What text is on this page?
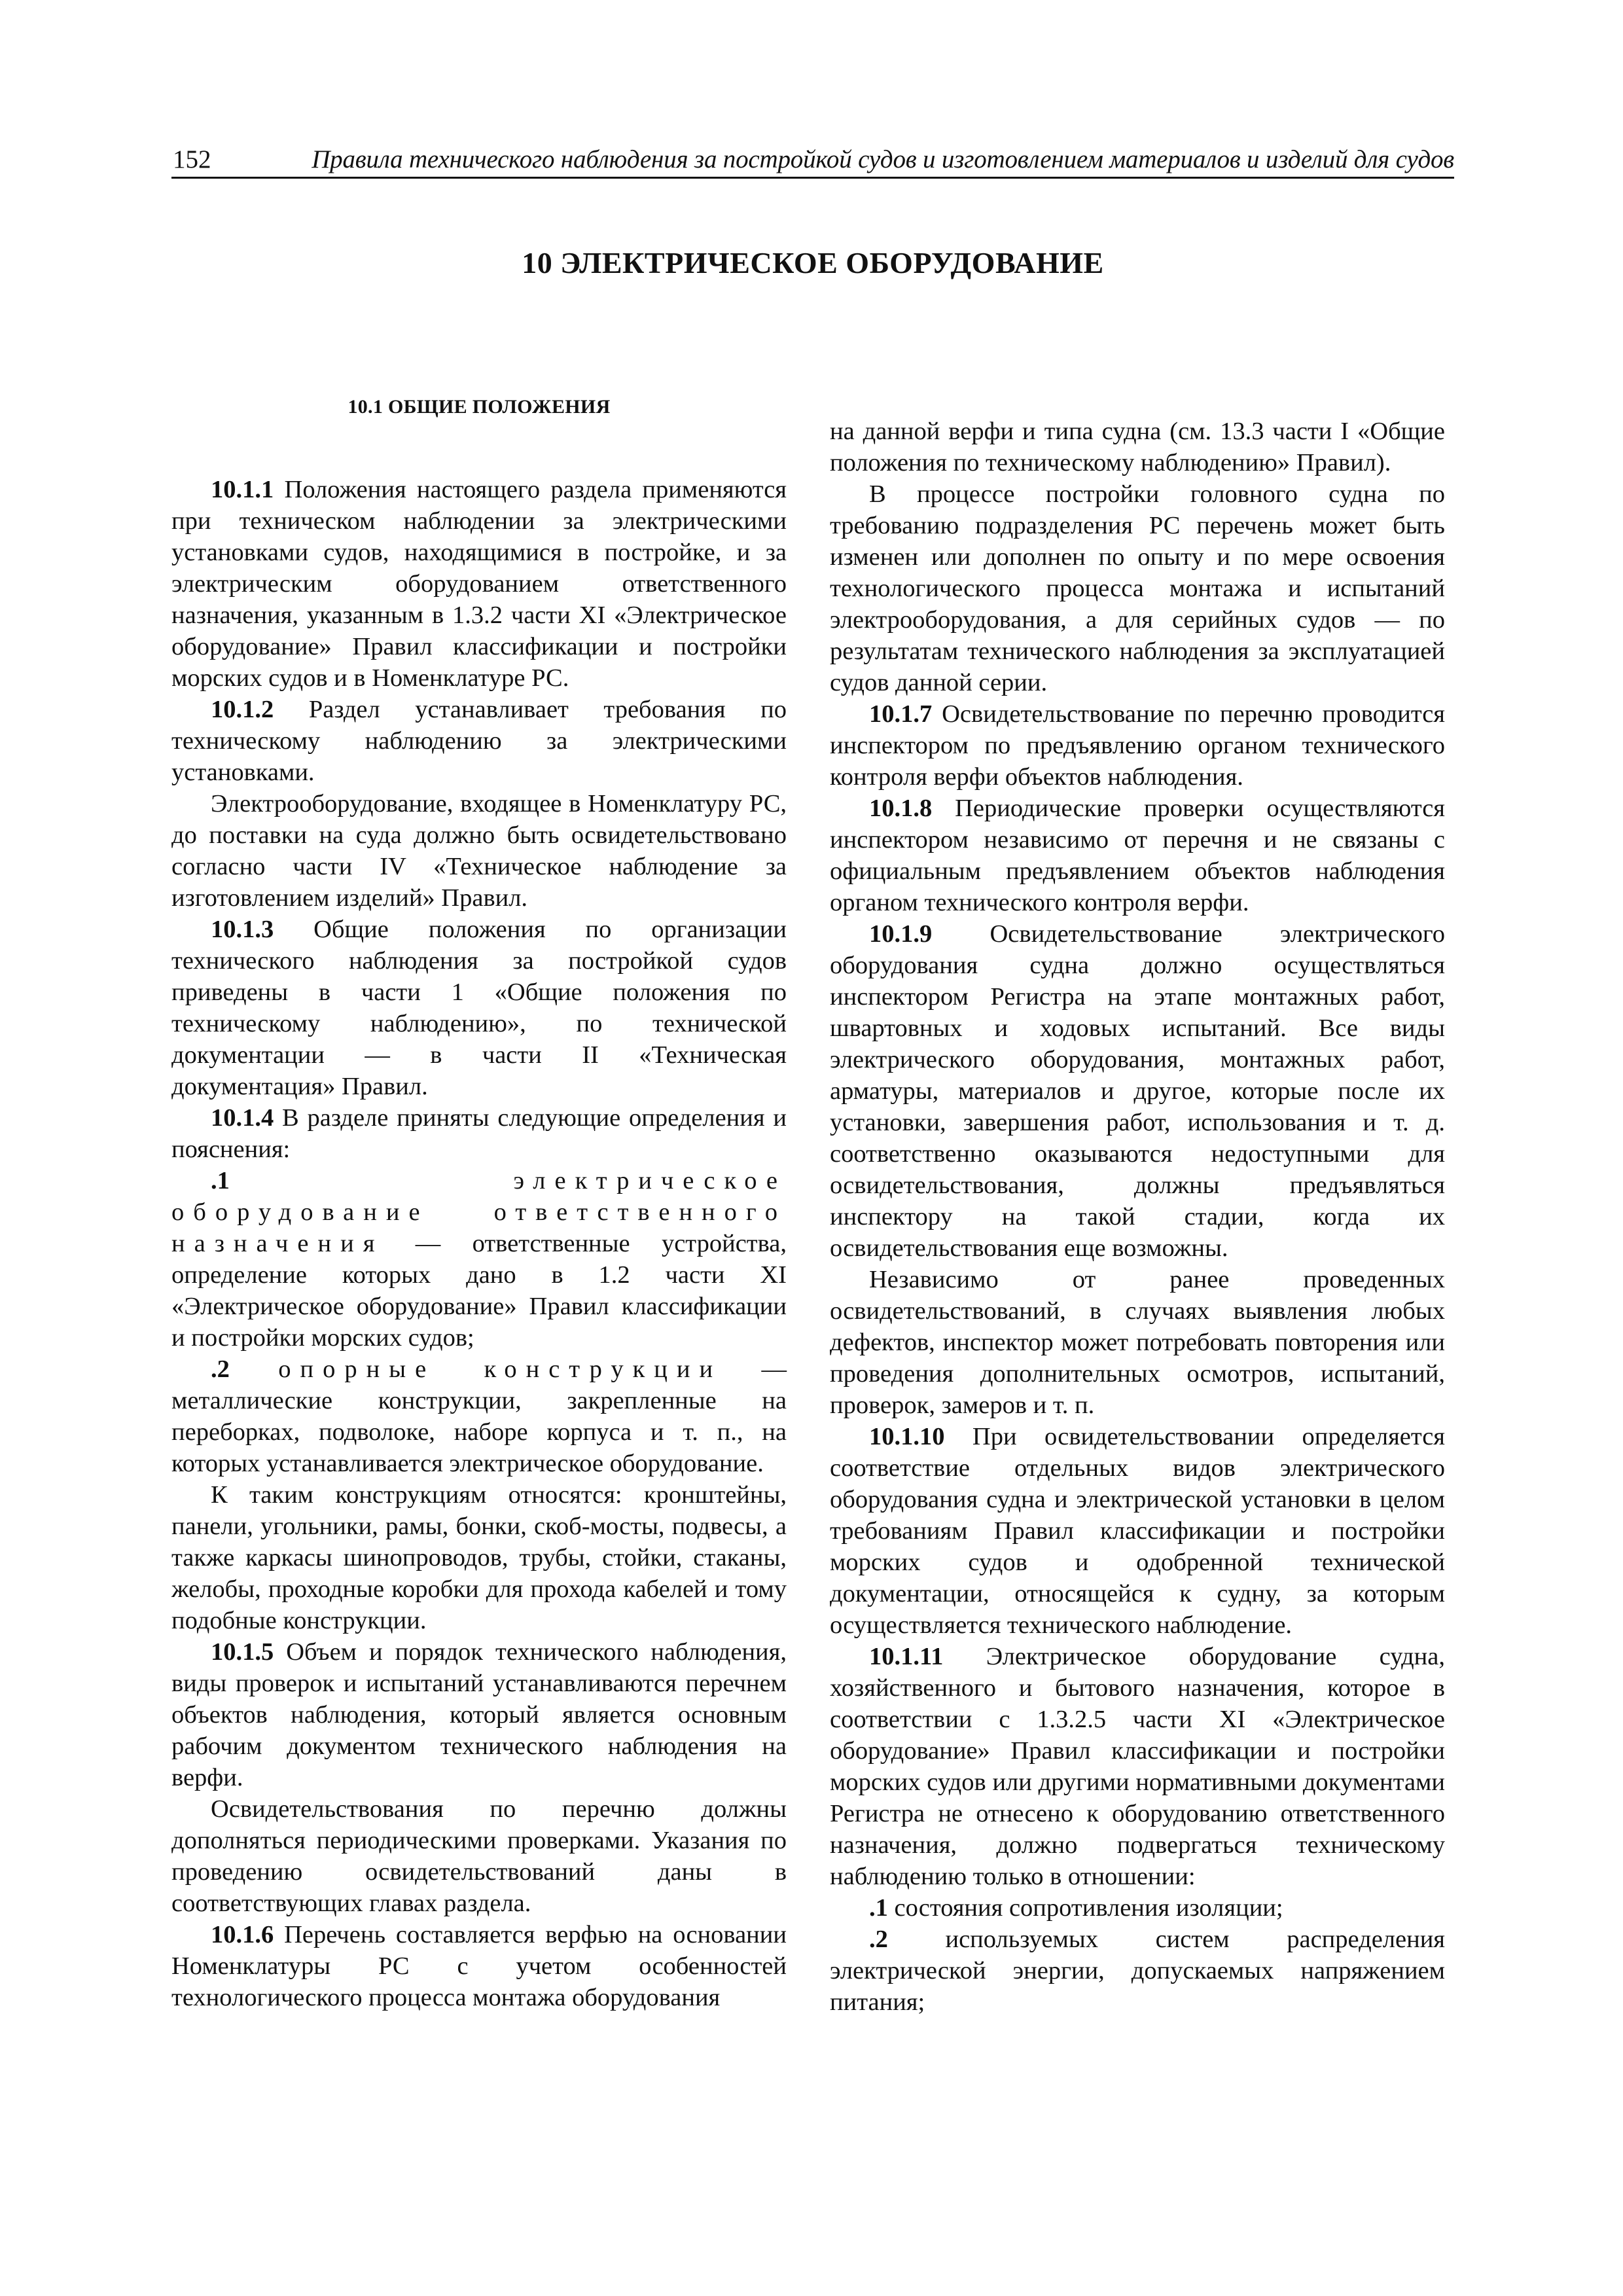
152	Правила технического наблюдения за постройкой судов и изготовлением материалов и изделий для судов
10 ЭЛЕКТРИЧЕСКОЕ ОБОРУДОВАНИЕ

10.1 ОБЩИЕ ПОЛОЖЕНИЯ

10.1.1 Положения настоящего раздела применяются при техническом наблюдении за электрическими установками судов, находящимися в постройке, и за электрическим оборудованием ответственного назначения, указанным в 1.3.2 части XI «Электрическое оборудование» Правил классификации и постройки морских судов и в Номенклатуре РС.

10.1.2 Раздел устанавливает требования по техническому наблюдению за электрическими установками.

Электрооборудование, входящее в Номенклатуру РС, до поставки на суда должно быть освидетельствовано согласно части IV «Техническое наблюдение за изготовлением изделий» Правил.

10.1.3 Общие положения по организации технического наблюдения за постройкой судов приведены в части 1 «Общие положения по техническому наблюдению», по технической документации — в части II «Техническая документация» Правил.

10.1.4 В разделе приняты следующие определения и пояснения:

.1 электрическое оборудование ответственного назначения — ответственные устройства, определение которых дано в 1.2 части XI «Электрическое оборудование» Правил классификации и постройки морских судов;

.2 опорные конструкции — металлические конструкции, закрепленные на переборках, подволоке, наборе корпуса и т. п., на которых устанавливается электрическое оборудование.

К таким конструкциям относятся: кронштейны, панели, угольники, рамы, бонки, скоб-мосты, подвесы, а также каркасы шинопроводов, трубы, стойки, стаканы, желобы, проходные коробки для прохода кабелей и тому подобные конструкции.

10.1.5 Объем и порядок технического наблюдения, виды проверок и испытаний устанавливаются перечнем объектов наблюдения, который является основным рабочим документом технического наблюдения на верфи.

Освидетельствования по перечню должны дополняться периодическими проверками. Указания по проведению освидетельствований даны в соответствующих главах раздела.

10.1.6 Перечень составляется верфью на основании Номенклатуры РС с учетом особенностей технологического процесса монтажа оборудования

на данной верфи и типа судна (см. 13.3 части I «Общие положения по техническому наблюдению» Правил).

В процессе постройки головного судна по требованию подразделения РС перечень может быть изменен или дополнен по опыту и по мере освоения технологического процесса монтажа и испытаний электрооборудования, а для серийных судов — по результатам технического наблюдения за эксплуатацией судов данной серии.

10.1.7 Освидетельствование по перечню проводится инспектором по предъявлению органом технического контроля верфи объектов наблюдения.

10.1.8 Периодические проверки осуществляются инспектором независимо от перечня и не связаны с официальным предъявлением объектов наблюдения органом технического контроля верфи.

10.1.9 Освидетельствование электрического оборудования судна должно осуществляться инспектором Регистра на этапе монтажных работ, швартовных и ходовых испытаний. Все виды электрического оборудования, монтажных работ, арматуры, материалов и другое, которые после их установки, завершения работ, использования и т. д. соответственно оказываются недоступными для освидетельствования, должны предъявляться инспектору на такой стадии, когда их освидетельствования еще возможны.

Независимо от ранее проведенных освидетельствований, в случаях выявления любых дефектов, инспектор может потребовать повторения или проведения дополнительных осмотров, испытаний, проверок, замеров и т. п.

10.1.10 При освидетельствовании определяется соответствие отдельных видов электрического оборудования судна и электрической установки в целом требованиям Правил классификации и постройки морских судов и одобренной технической документации, относящейся к судну, за которым осуществляется технического наблюдение.

10.1.11 Электрическое оборудование судна, хозяйственного и бытового назначения, которое в соответствии с 1.3.2.5 части XI «Электрическое оборудование» Правил классификации и постройки морских судов или другими нормативными документами Регистра не отнесено к оборудованию ответственного назначения, должно подвергаться техническому наблюдению только в отношении:

.1 состояния сопротивления изоляции;

.2 используемых систем распределения электрической энергии, допускаемых напряжением питания;
